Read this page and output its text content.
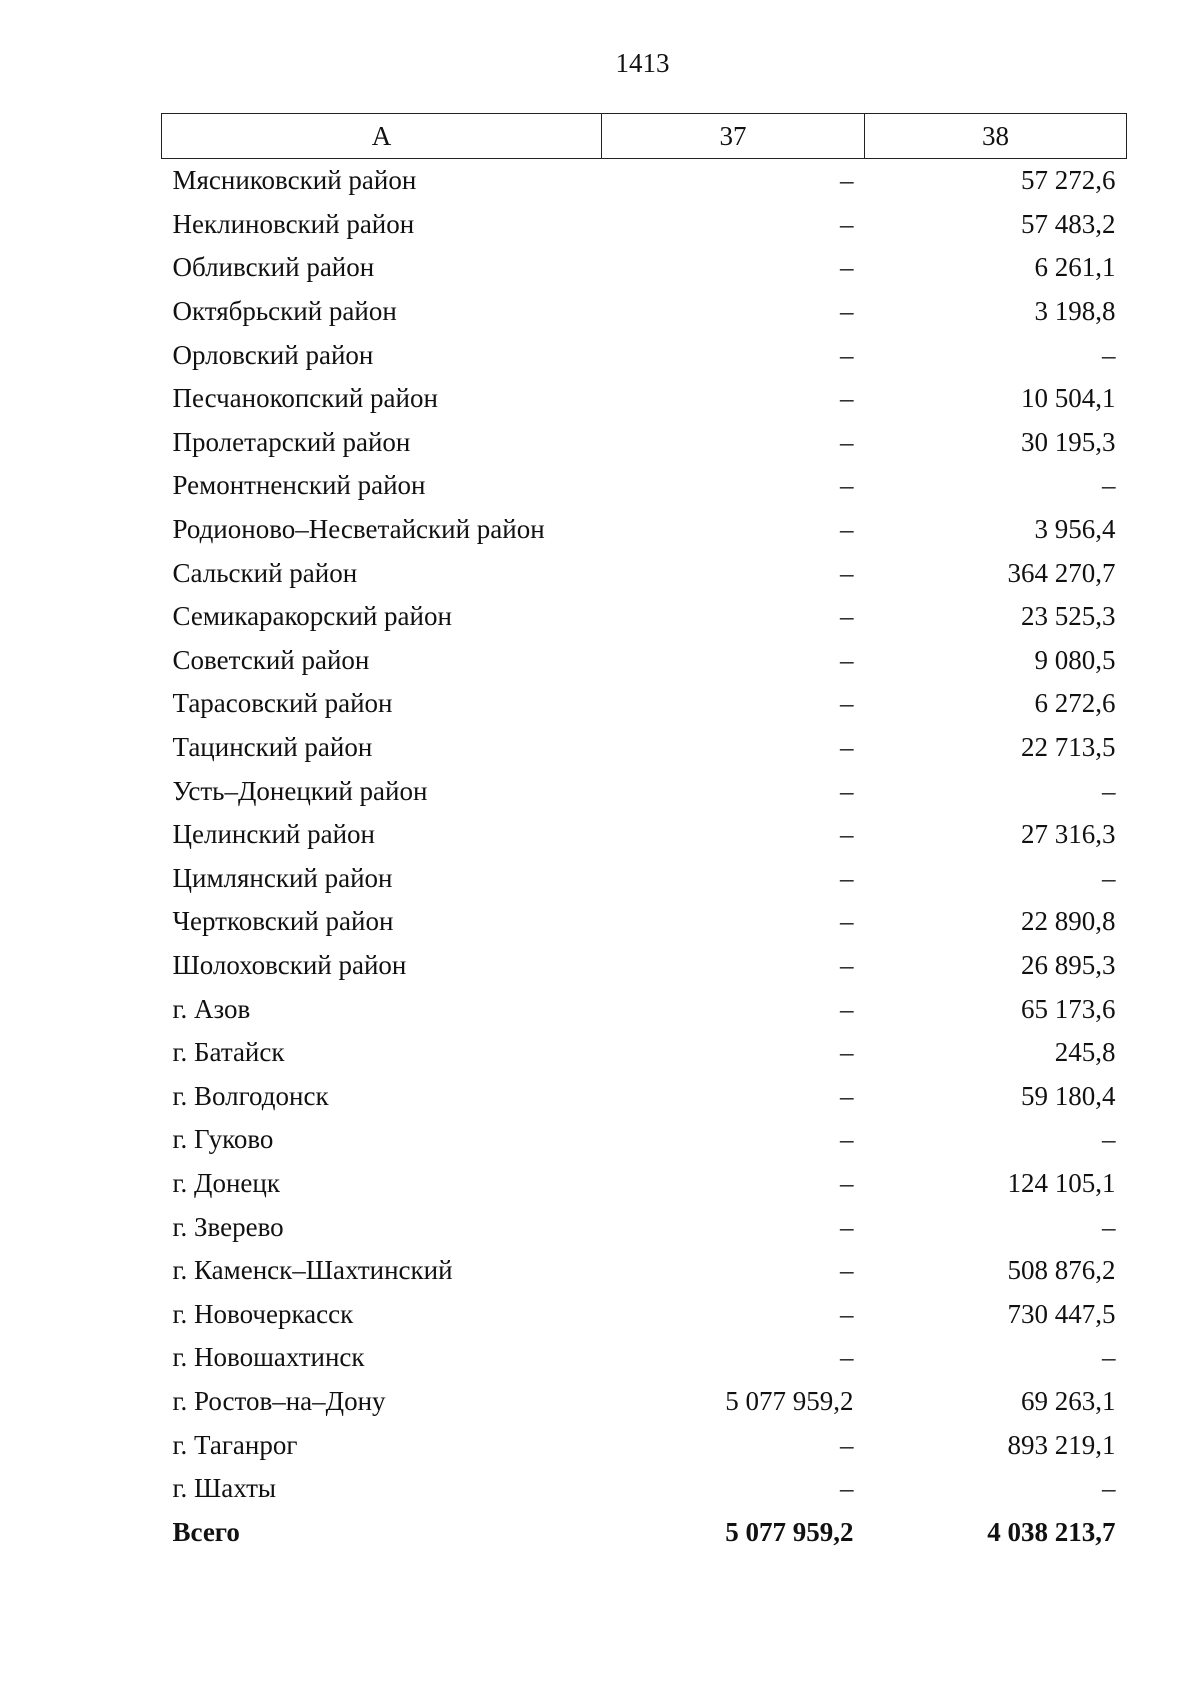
1413
А	37	38
Мясниковский район	–	57 272,6
Неклиновский район	–	57 483,2
Обливский район	–	6 261,1
Октябрьский район	–	3 198,8
Орловский район	–	–
Песчанокопский район	–	10 504,1
Пролетарский район	–	30 195,3
Ремонтненский район	–	–
Родионово–Несветайский район	–	3 956,4
Сальский район	–	364 270,7
Семикаракорский район	–	23 525,3
Советский район	–	9 080,5
Тарасовский район	–	6 272,6
Тацинский район	–	22 713,5
Усть–Донецкий район	–	–
Целинский район	–	27 316,3
Цимлянский район	–	–
Чертковский район	–	22 890,8
Шолоховский район	–	26 895,3
г. Азов	–	65 173,6
г. Батайск	–	245,8
г. Волгодонск	–	59 180,4
г. Гуково	–	–
г. Донецк	–	124 105,1
г. Зверево	–	–
г. Каменск–Шахтинский	–	508 876,2
г. Новочеркасск	–	730 447,5
г. Новошахтинск	–	–
г. Ростов–на–Дону	5 077 959,2	69 263,1
г. Таганрог	–	893 219,1
г. Шахты	–	–
Всего	5 077 959,2	4 038 213,7
